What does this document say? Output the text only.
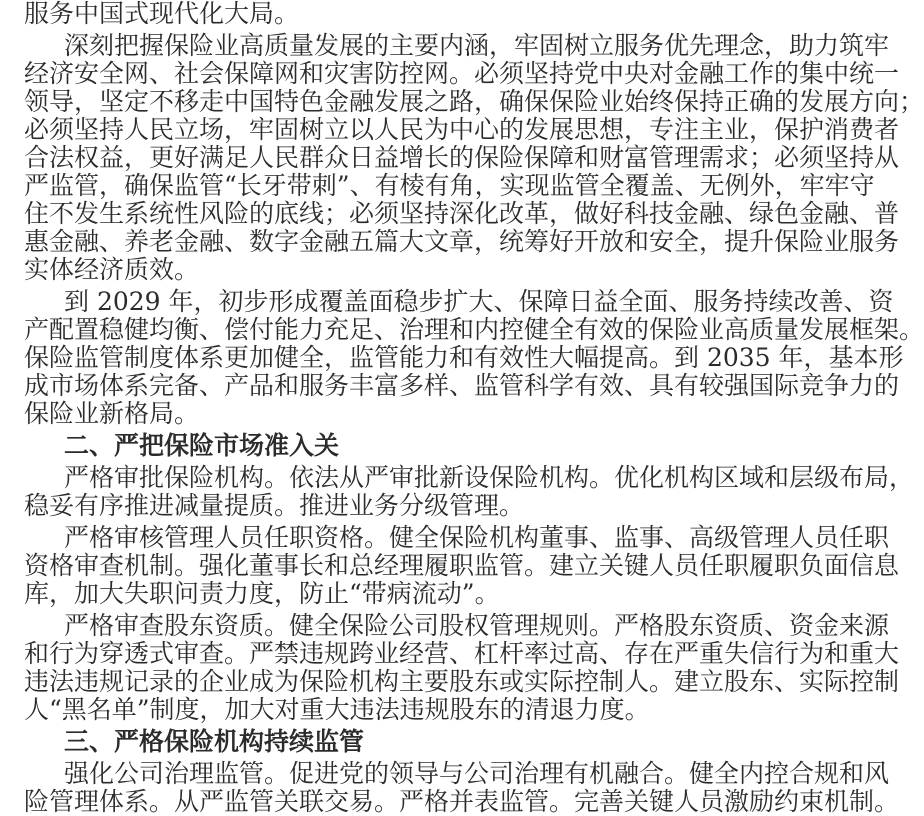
服务中国式现代化大局。
深刻把握保险业高质量发展的主要内涵，牢固树立服务优先理念，助力筑牢
经济安全网、社会保障网和灾害防控网。必须坚持党中央对金融工作的集中统一
领导，坚定不移走中国特色金融发展之路，确保保险业始终保持正确的发展方向；
必须坚持人民立场，牢固树立以人民为中心的发展思想，专注主业，保护消费者
合法权益，更好满足人民群众日益增长的保险保障和财富管理需求；必须坚持从
严监管，确保监管“长牙带刺”、有棱有角，实现监管全覆盖、无例外，牢牢守
住不发生系统性风险的底线；必须坚持深化改革，做好科技金融、绿色金融、普
惠金融、养老金融、数字金融五篇大文章，统筹好开放和安全，提升保险业服务
实体经济质效。
到 2029 年，初步形成覆盖面稳步扩大、保障日益全面、服务持续改善、资
产配置稳健均衡、偿付能力充足、治理和内控健全有效的保险业高质量发展框架。
保险监管制度体系更加健全，监管能力和有效性大幅提高。到 2035 年，基本形
成市场体系完备、产品和服务丰富多样、监管科学有效、具有较强国际竞争力的
保险业新格局。
二、严把保险市场准入关
严格审批保险机构。依法从严审批新设保险机构。优化机构区域和层级布局，
稳妥有序推进减量提质。推进业务分级管理。
严格审核管理人员任职资格。健全保险机构董事、监事、高级管理人员任职
资格审查机制。强化董事长和总经理履职监管。建立关键人员任职履职负面信息
库，加大失职问责力度，防止“带病流动”。
严格审查股东资质。健全保险公司股权管理规则。严格股东资质、资金来源
和行为穿透式审查。严禁违规跨业经营、杠杆率过高、存在严重失信行为和重大
违法违规记录的企业成为保险机构主要股东或实际控制人。建立股东、实际控制
人“黑名单”制度，加大对重大违法违规股东的清退力度。
三、严格保险机构持续监管
强化公司治理监管。促进党的领导与公司治理有机融合。健全内控合规和风
险管理体系。从严监管关联交易。严格并表监管。完善关键人员激励约束机制。
